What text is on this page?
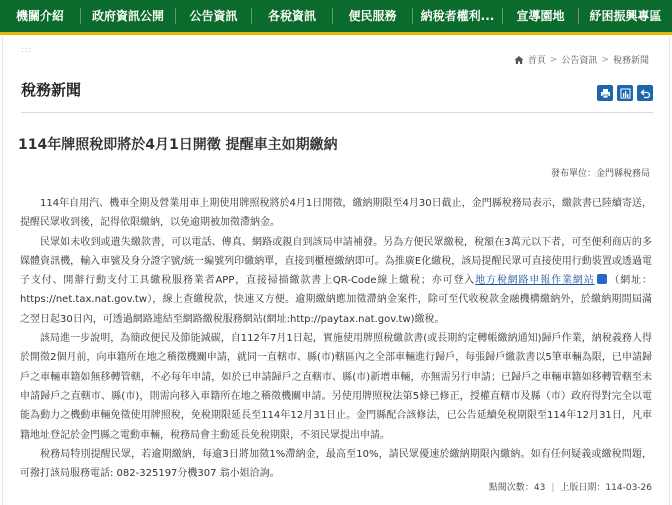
機關介紹	政府資訊公開	公告資訊	各稅資訊	便民服務	納稅者權利...	宣導園地	紓困振興專區
:::
首頁 > 公告資訊 > 稅務新聞
稅務新聞
114年牌照稅即將於4月1日開徵 提醒車主如期繳納
發布單位：金門縣稅務局

114年自用汽、機車全期及營業用車上期使用牌照稅將於4月1日開徵，繳納期限至4月30日截止，金門縣稅務局表示，繳款書已陸續寄送，提醒民眾收到後，記得依限繳納，以免逾期被加徵滯納金。

民眾如未收到或遺失繳款書，可以電話、傳真、網路或親自到該局申請補發。另為方便民眾繳稅，稅額在3萬元以下者，可至便利商店的多媒體資訊機，輸入車號及身分證字號/統一編號列印繳納單，直接到櫃檯繳納即可。為推廣E化繳稅，該局提醒民眾可直接使用行動裝置或透過電子支付、開辦行動支付工具繳稅服務業者APP，直接掃描繳款書上QR-Code線上繳稅；亦可登入地方稅網路申報作業網站 （網址：https://net.tax.nat.gov.tw），線上查繳稅款，快速又方便。逾期繳納應加徵滯納金案件，除可至代收稅款金融機構繳納外，於繳納期間屆滿之翌日起30日內，可透過網路連結至網路繳稅服務網站(網址:http://paytax.nat.gov.tw)繳稅。

該局進一步說明，為簡政便民及節能減碳，自112年7月1日起，實施使用牌照稅繳款書(或長期約定轉帳繳納通知)歸戶作業，納稅義務人得於開徵2個月前，向車籍所在地之稽徵機關申請，就同一直轄市、縣(市)轄區內之全部車輛進行歸戶，每張歸戶繳款書以5筆車輛為限，已申請歸戶之車輛車籍如無移轉管轄，不必每年申請，如於已申請歸戶之直轄市、縣(市)新增車輛，亦無需另行申請；已歸戶之車輛車籍如移轉管轄至未申請歸戶之直轄市、縣(市)，則需向移入車籍所在地之稽徵機關申請。另使用牌照稅法第5條已修正，授權直轄市及縣（市）政府得對完全以電能為動力之機動車輛免徵使用牌照稅，免稅期限延長至114年12月31日止。金門縣配合該修法，已公告延續免稅期限至114年12月31日，凡車籍地址登記於金門縣之電動車輛，稅務局會主動延長免稅期限，不須民眾提出申請。

稅務局特別提醒民眾，若逾期繳納，每逾3日將加徵1%滯納金，最高至10%，請民眾優速於繳納期限內繳納。如有任何疑義或繳稅問題，可撥打該局服務電話: 082-325197分機307 翁小姐洽詢。

點閱次數：43 | 上版日期：114-03-26
